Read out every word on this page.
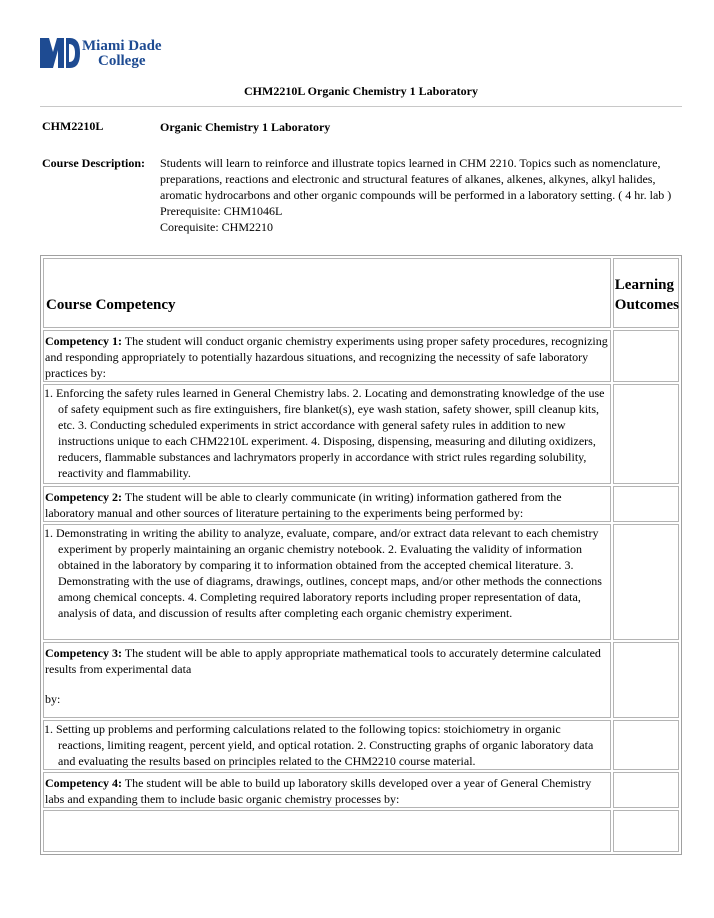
Miami Dade
College
CHM2210L Organic Chemistry 1 Laboratory
CHM2210L	Organic Chemistry 1 Laboratory
Course Description: Students will learn to reinforce and illustrate topics learned in CHM 2210. Topics such as nomenclature,
preparations, reactions and electronic and structural features of alkanes, alkenes, alkynes, alkyl halides,
aromatic hydrocarbons and other organic compounds will be performed in a laboratory setting. ( 4 hr. lab )
Prerequisite: CHM1046L
Corequisite: CHM2210
Course Competency	Learning
Outcomes

Competency 1: The student will conduct organic chemistry experiments using proper safety procedures, recognizing and responding appropriately to potentially hazardous situations, and recognizing the necessity of safe laboratory practices by:	

1. Enforcing the safety rules learned in General Chemistry labs. 2. Locating and demonstrating knowledge of the use of safety equipment such as fire extinguishers, fire blanket(s), eye wash station, safety shower, spill cleanup kits, etc. 3. Conducting scheduled experiments in strict accordance with general safety rules in addition to new instructions unique to each CHM2210L experiment. 4. Disposing, dispensing, measuring and diluting oxidizers, reducers, flammable substances and lachrymators properly in accordance with strict rules regarding solubility, reactivity and flammability.	

Competency 2: The student will be able to clearly communicate (in writing) information gathered from the laboratory manual and other sources of literature pertaining to the experiments being performed by:	

1. Demonstrating in writing the ability to analyze, evaluate, compare, and/or extract data relevant to each chemistry experiment by properly maintaining an organic chemistry notebook. 2. Evaluating the validity of information obtained in the laboratory by comparing it to information obtained from the accepted chemical literature. 3. Demonstrating with the use of diagrams, drawings, outlines, concept maps, and/or other methods the connections among chemical concepts. 4. Completing required laboratory reports including proper representation of data, analysis of data, and discussion of results after completing each organic chemistry experiment.	

Competency 3: The student will be able to apply appropriate mathematical tools to accurately determine calculated results from experimental data
by:	

1. Setting up problems and performing calculations related to the following topics: stoichiometry in organic reactions, limiting reagent, percent yield, and optical rotation. 2. Constructing graphs of organic laboratory data and evaluating the results based on principles related to the CHM2210 course material.	

Competency 4: The student will be able to build up laboratory skills developed over a year of General Chemistry labs and expanding them to include basic organic chemistry processes by:	
